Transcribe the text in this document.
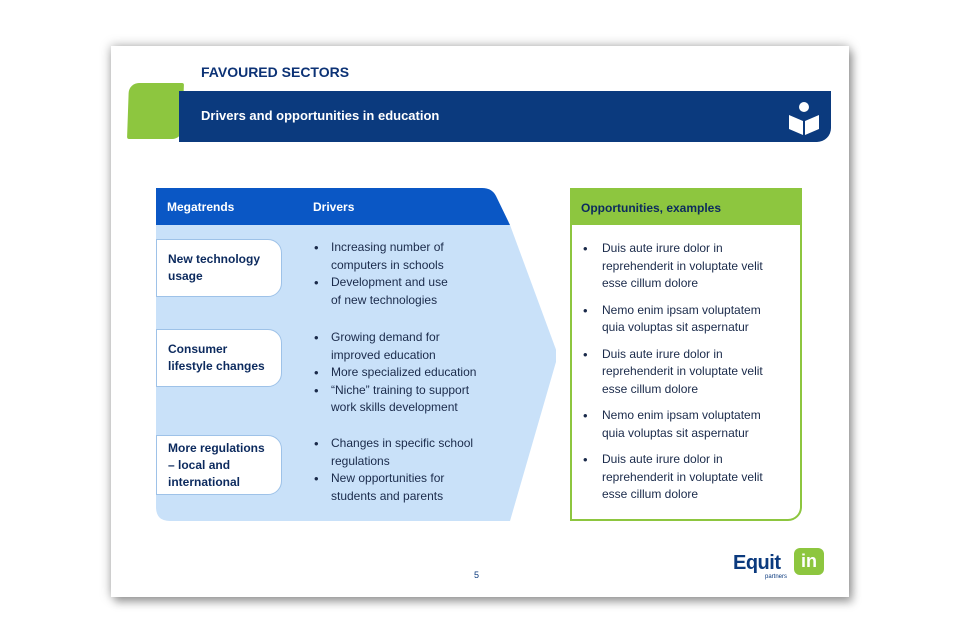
FAVOURED SECTORS
Drivers and opportunities in education
Megatrends	Drivers
New technology
usage
• Increasing number of
computers in schools
• Development and use
of new technologies
Consumer
lifestyle changes
• Growing demand for
improved education
• More specialized education
• “Niche” training to support
work skills development
More regulations
– local and
international
• Changes in specific school
regulations
• New opportunities for
students and parents
Opportunities, examples
• Duis aute irure dolor in
reprehenderit in voluptate velit
esse cillum dolore
• Nemo enim ipsam voluptatem
quia voluptas sit aspernatur
• Duis aute irure dolor in
reprehenderit in voluptate velit
esse cillum dolore
• Nemo enim ipsam voluptatem
quia voluptas sit aspernatur
• Duis aute irure dolor in
reprehenderit in voluptate velit
esse cillum dolore
5
Equit	in
partners
